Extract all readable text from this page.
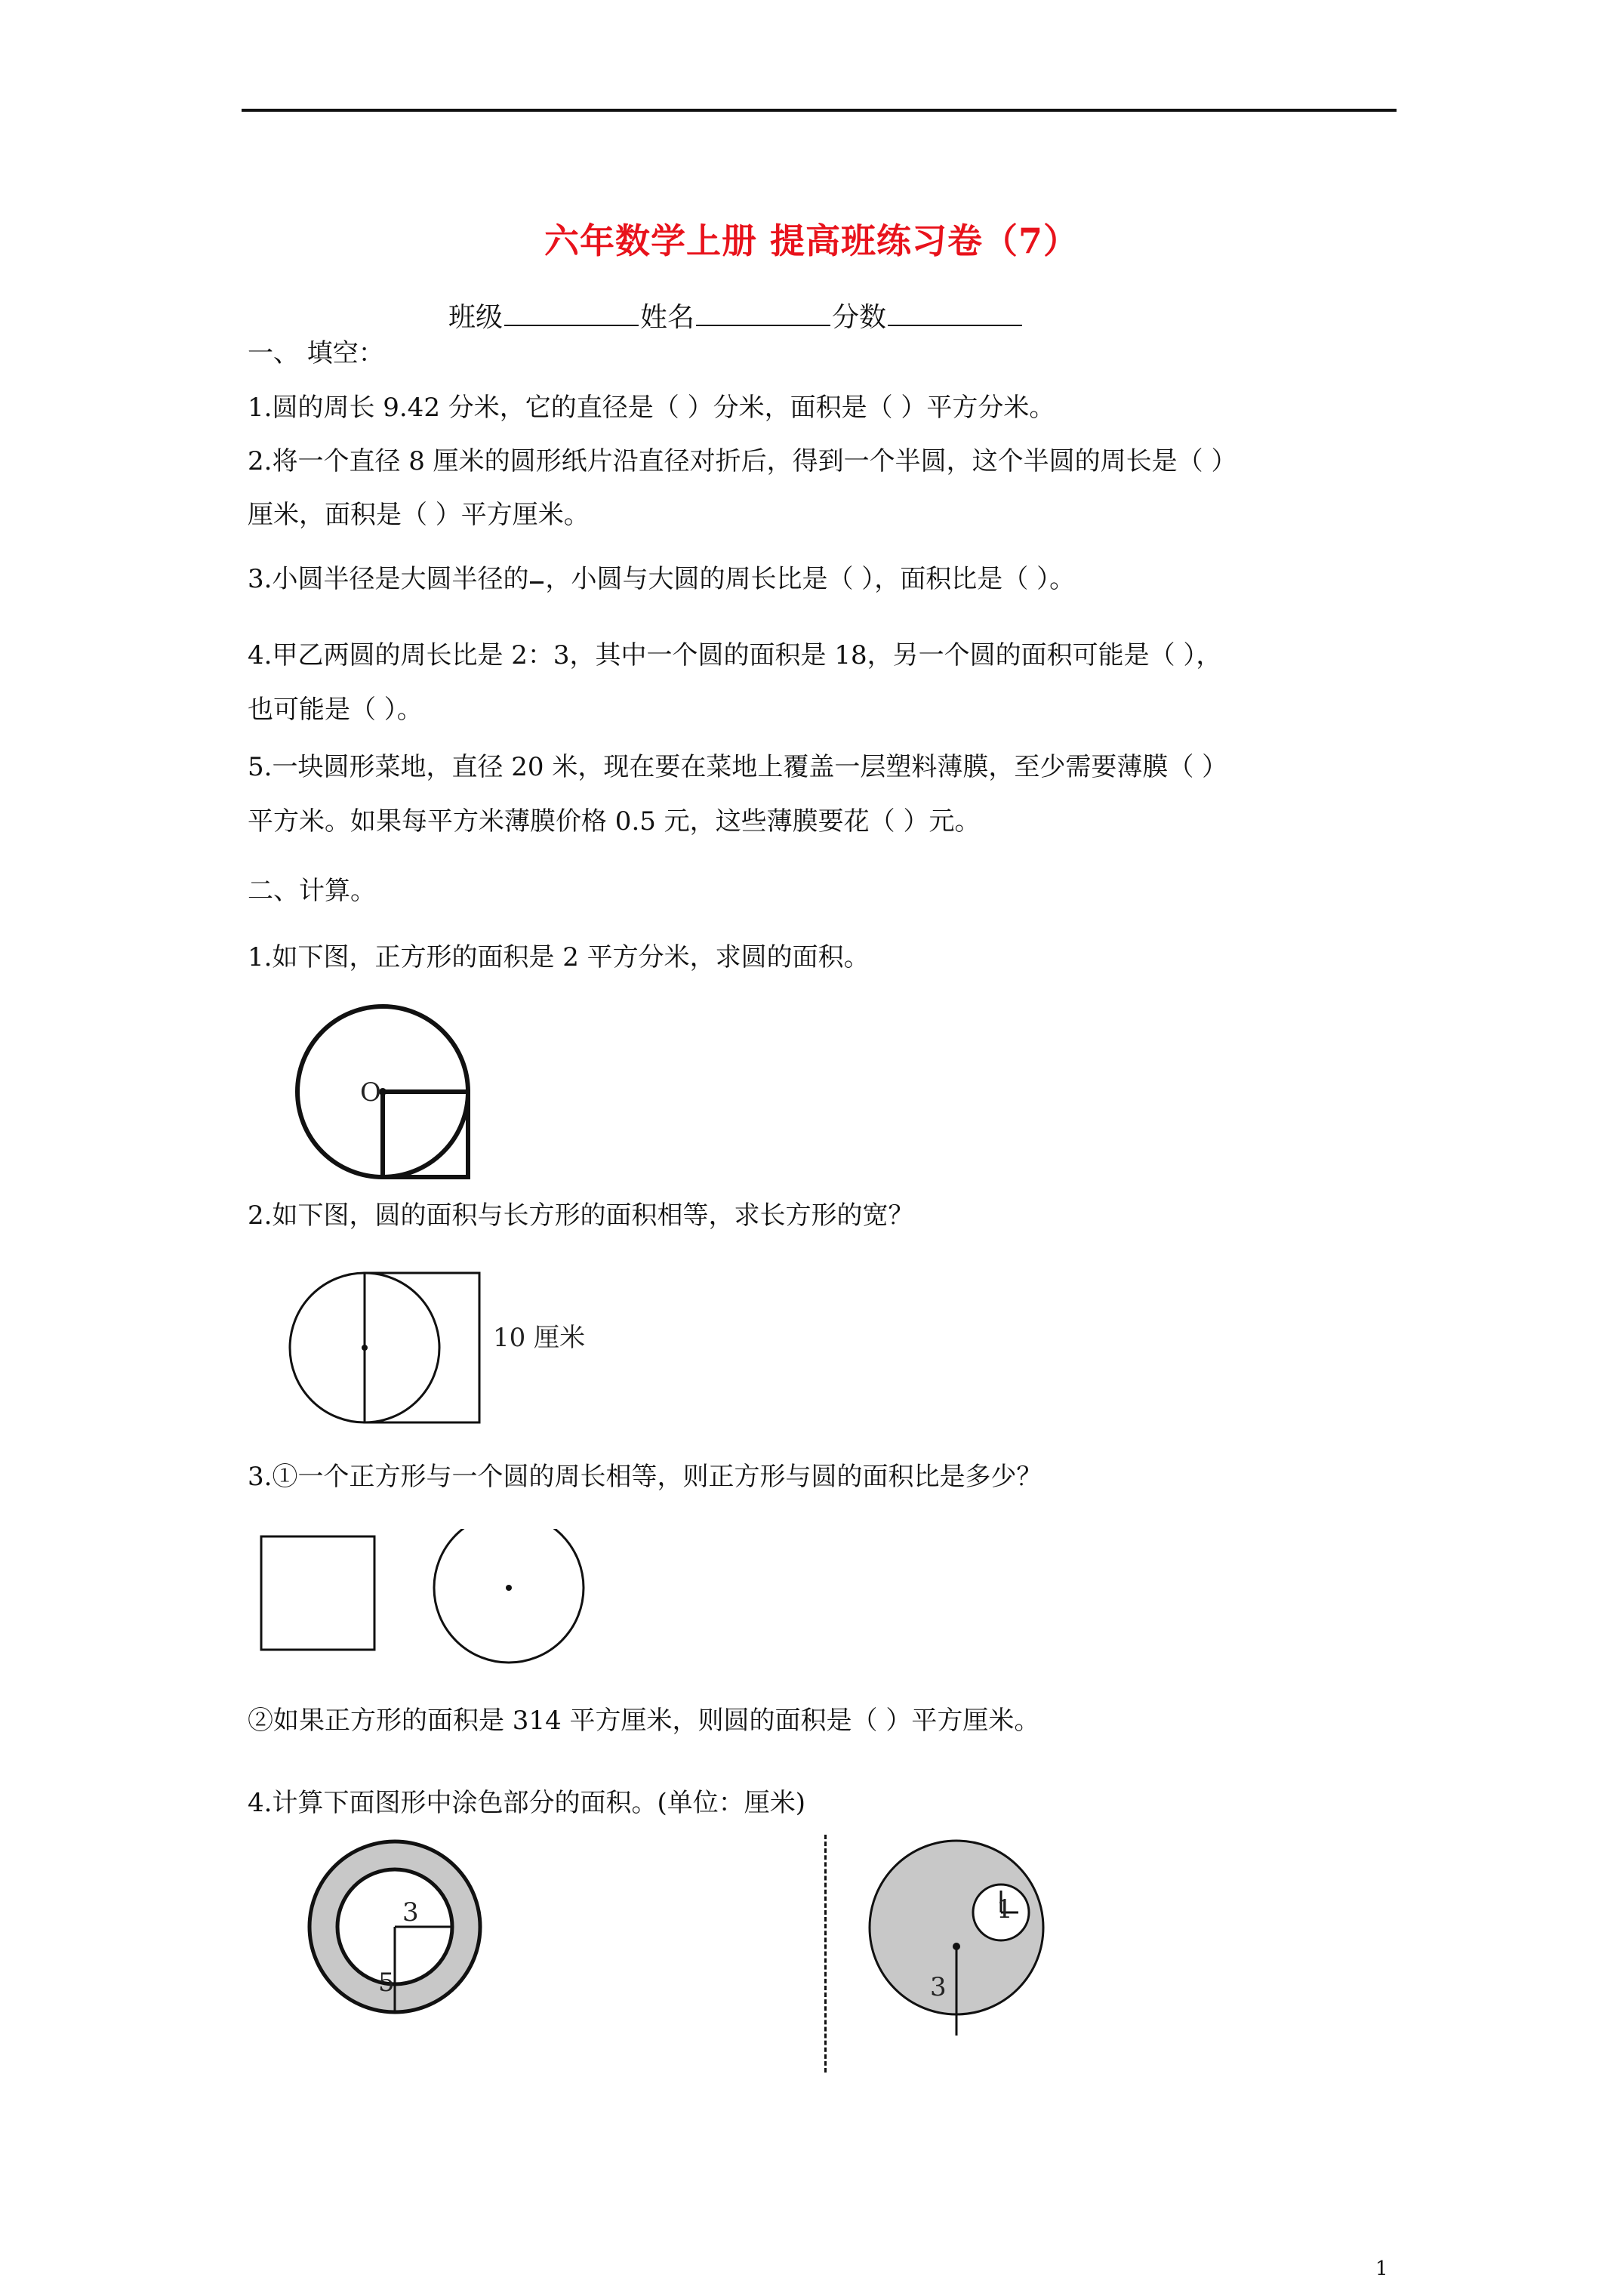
六年数学上册 提高班练习卷（7）
班级	姓名	分数
一、 填空：
1.圆的周长 9.42 分米，它的直径是（ ）分米，面积是（ ）平方分米。
2.将一个直径 8 厘米的圆形纸片沿直径对折后，得到一个半圆，这个半圆的周长是（ ）
厘米，面积是（ ）平方厘米。
3.小圆半径是大圆半径的 ，小圆与大圆的周长比是（ ），面积比是（ ）。
4.甲乙两圆的周长比是 2：3，其中一个圆的面积是 18，另一个圆的面积可能是（ ），
也可能是（ ）。
5.一块圆形菜地，直径 20 米，现在要在菜地上覆盖一层塑料薄膜，至少需要薄膜（ ）
平方米。如果每平方米薄膜价格 0.5 元，这些薄膜要花（ ）元。
二、计算。
1.如下图，正方形的面积是 2 平方分米，求圆的面积。
O
2.如下图，圆的面积与长方形的面积相等，求长方形的宽？
10 厘米
3.①一个正方形与一个圆的周长相等，则正方形与圆的面积比是多少？
②如果正方形的面积是 314 平方厘米，则圆的面积是（ ）平方厘米。
4.计算下面图形中涂色部分的面积。(单位：厘米)
3
5
1
3
1
